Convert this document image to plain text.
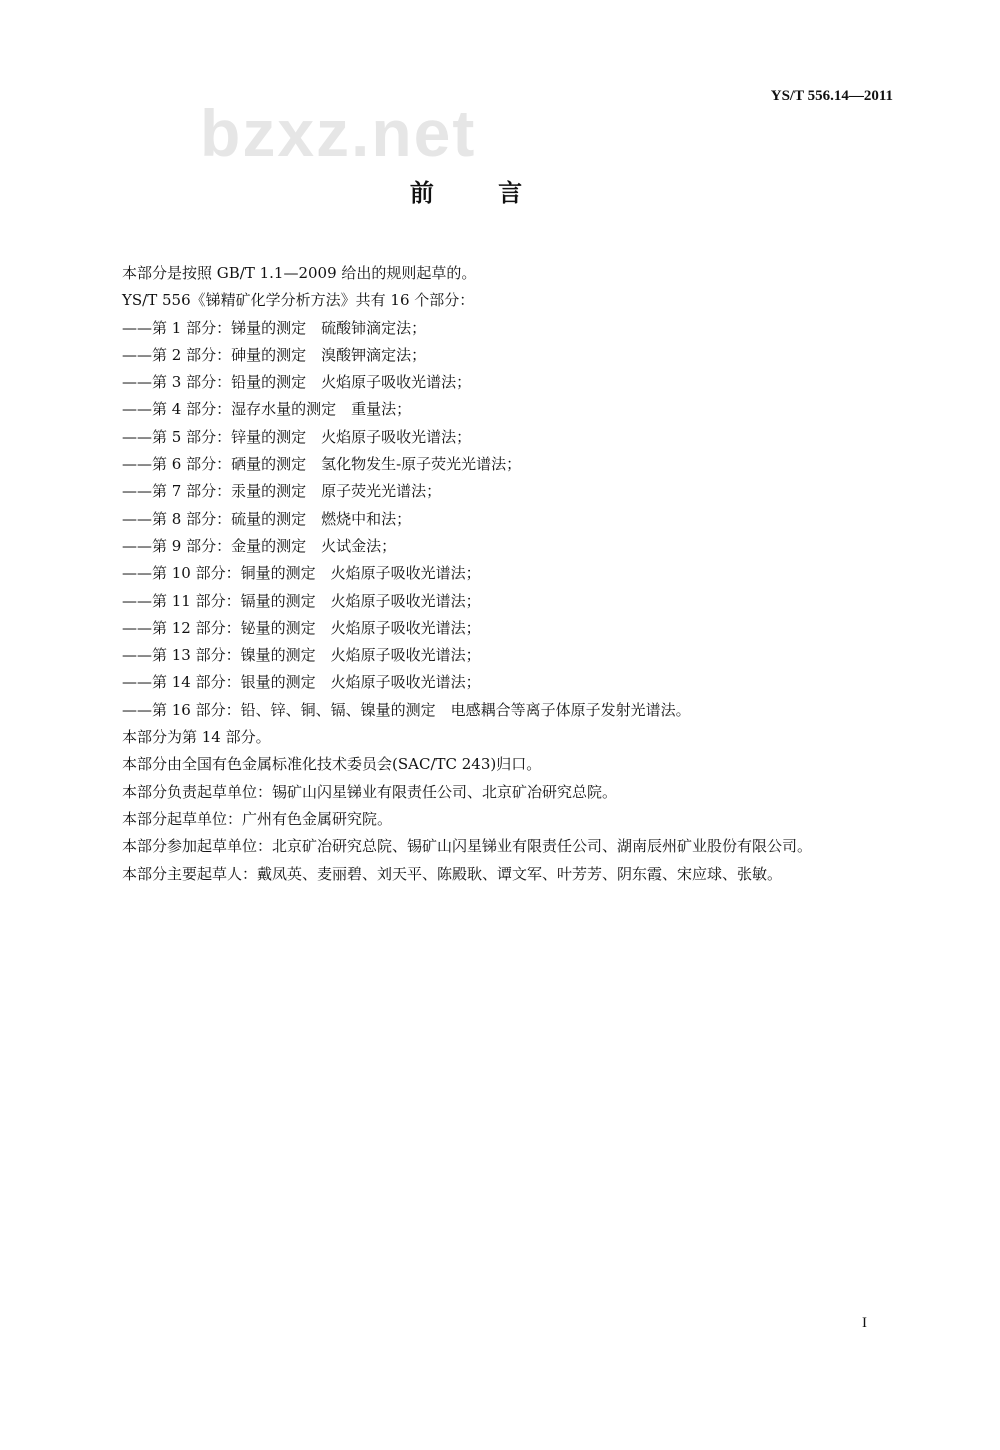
YS/T 556.14—2011
bzxz.net
前 言

本部分是按照 GB/T 1.1—2009 给出的规则起草的。

YS/T 556《锑精矿化学分析方法》共有 16 个部分：

——第 1 部分：锑量的测定　硫酸铈滴定法；

——第 2 部分：砷量的测定　溴酸钾滴定法；

——第 3 部分：铅量的测定　火焰原子吸收光谱法；

——第 4 部分：湿存水量的测定　重量法；

——第 5 部分：锌量的测定　火焰原子吸收光谱法；

——第 6 部分：硒量的测定　氢化物发生-原子荧光光谱法；

——第 7 部分：汞量的测定　原子荧光光谱法；

——第 8 部分：硫量的测定　燃烧中和法；

——第 9 部分：金量的测定　火试金法；

——第 10 部分：铜量的测定　火焰原子吸收光谱法；

——第 11 部分：镉量的测定　火焰原子吸收光谱法；

——第 12 部分：铋量的测定　火焰原子吸收光谱法；

——第 13 部分：镍量的测定　火焰原子吸收光谱法；

——第 14 部分：银量的测定　火焰原子吸收光谱法；

——第 16 部分：铅、锌、铜、镉、镍量的测定　电感耦合等离子体原子发射光谱法。

本部分为第 14 部分。

本部分由全国有色金属标准化技术委员会(SAC/TC 243)归口。

本部分负责起草单位：锡矿山闪星锑业有限责任公司、北京矿冶研究总院。

本部分起草单位：广州有色金属研究院。

本部分参加起草单位：北京矿冶研究总院、锡矿山闪星锑业有限责任公司、湖南辰州矿业股份有限公司。

本部分主要起草人：戴凤英、麦丽碧、刘天平、陈殿耿、谭文军、叶芳芳、阴东霞、宋应球、张敏。

I
